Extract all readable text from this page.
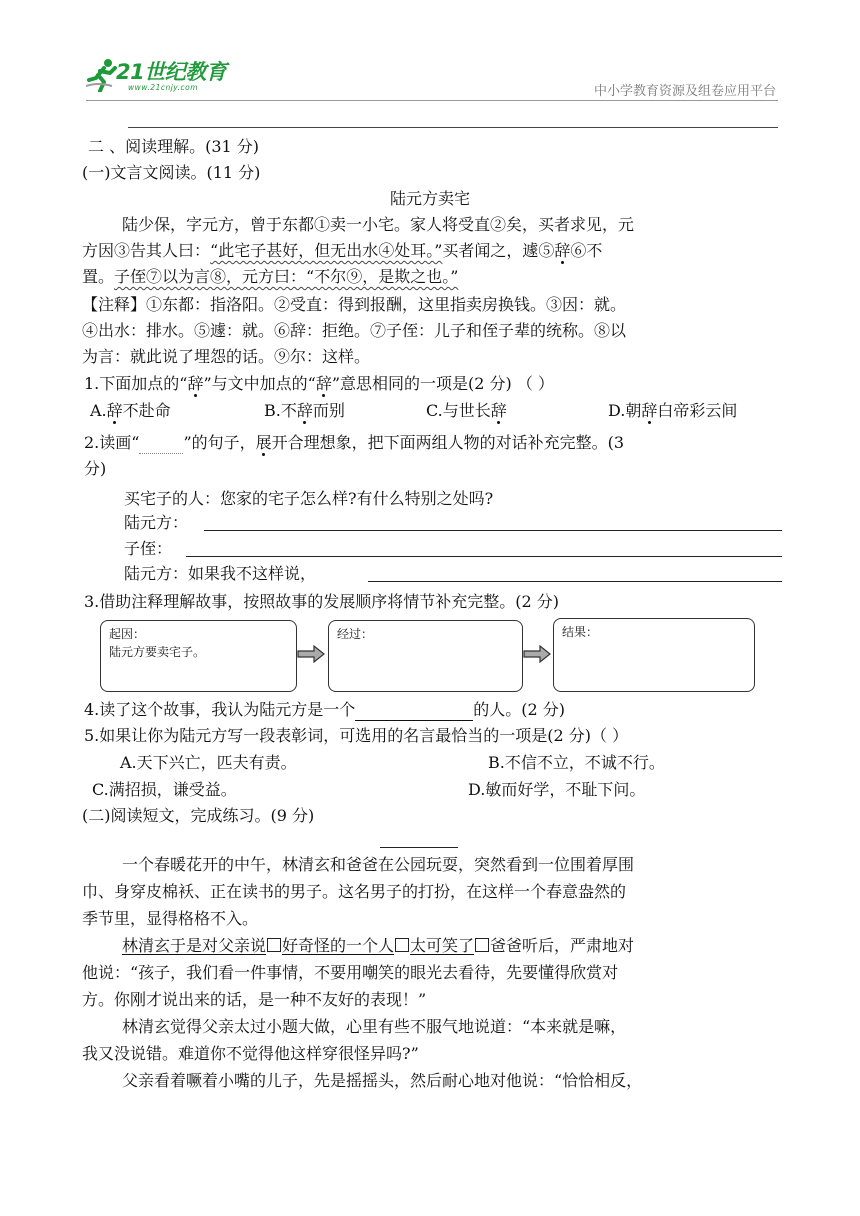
21世纪教育
www.21cnjy.com	中小学教育资源及组卷应用平台
二 、阅读理解。(31 分)
(一)文言文阅读。(11 分)
陆元方卖宅
陆少保，字元方，曾于东都①卖一小宅。家人将受直②矣，买者求见，元
方因③告其人曰：“此宅子甚好，但无出水④处耳。”买者闻之，遽⑤辞⑥不
置。子侄⑦以为言⑧，元方曰：“不尔⑨，是欺之也。”
【注释】①东都：指洛阳。②受直：得到报酬，这里指卖房换钱。③因：就。
④出水：排水。⑤遽：就。⑥辞：拒绝。⑦子侄：儿子和侄子辈的统称。⑧以
为言：就此说了埋怨的话。⑨尔：这样。
1.下面加点的“辞”与文中加点的“辞”意思相同的一项是(2 分) （ ）
A.辞不赴命	B.不辞而别	C.与世长辞	D.朝辞白帝彩云间
2.读画“	”的句子，展开合理想象，把下面两组人物的对话补充完整。(3
分)
买宅子的人：您家的宅子怎么样?有什么特别之处吗?
陆元方：
子侄：
陆元方：如果我不这样说，
3.借助注释理解故事，按照故事的发展顺序将情节补充完整。(2 分)
起因：
陆元方要卖宅子。
经过：	结果：
4.读了这个故事，我认为陆元方是一个	的人。(2 分)
5.如果让你为陆元方写一段表彰词，可选用的名言最恰当的一项是(2 分)（ ）
A.天下兴亡，匹夫有责。	B.不信不立，不诚不行。
C.满招损，谦受益。	D.敏而好学，不耻下问。
(二)阅读短文，完成练习。(9 分)
一个春暖花开的中午，林清玄和爸爸在公园玩耍，突然看到一位围着厚围
巾、身穿皮棉袄、正在读书的男子。这名男子的打扮，在这样一个春意盎然的
季节里，显得格格不入。
林清玄于是对父亲说 好奇怪的一个人 太可笑了 爸爸听后，严肃地对
他说：“孩子，我们看一件事情，不要用嘲笑的眼光去看待，先要懂得欣赏对
方。你刚才说出来的话，是一种不友好的表现！”
林清玄觉得父亲太过小题大做，心里有些不服气地说道：“本来就是嘛，
我又没说错。难道你不觉得他这样穿很怪异吗?”
父亲看着噘着小嘴的儿子，先是摇摇头，然后耐心地对他说：“恰恰相反，
